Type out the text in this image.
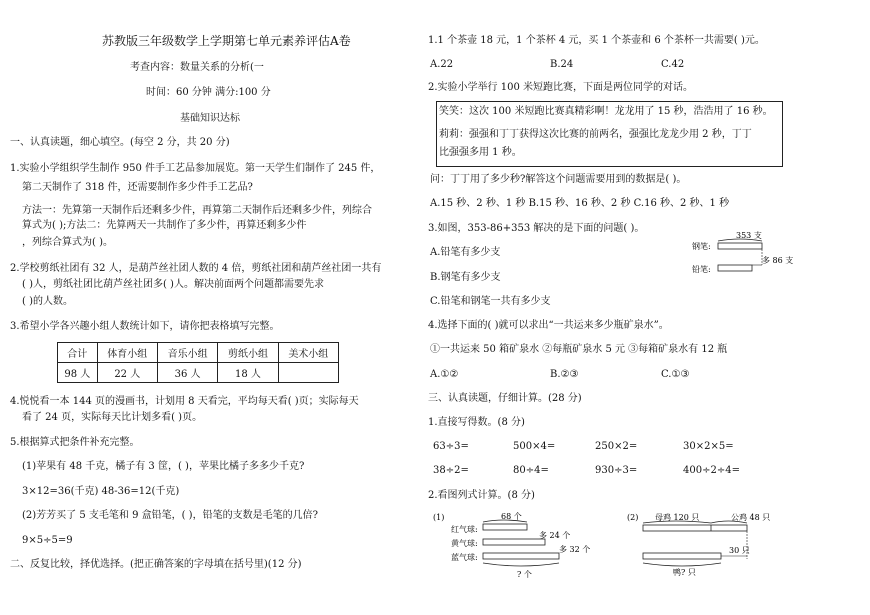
苏教版三年级数学上学期第七单元素养评估A卷
考查内容：数量关系的分析(一
时间：60 分钟 满分:100 分
基础知识达标
一、认真读题，细心填空。(每空 2 分，共 20 分)
1.实验小学组织学生制作 950 件手工艺品参加展览。第一天学生们制作了 245 件，
第二天制作了 318 件，还需要制作多少件手工艺品?
方法一：先算第一天制作后还剩多少件，再算第二天制作后还剩多少件，列综合
算式为( );方法二：先算两天一共制作了多少件，再算还剩多少件
，列综合算式为( )。
2.学校剪纸社团有 32 人，是葫芦丝社团人数的 4 倍，剪纸社团和葫芦丝社团一共有
( )人，剪纸社团比葫芦丝社团多( )人。解决前面两个问题都需要先求
( )的人数。
3.希望小学各兴趣小组人数统计如下，请你把表格填写完整。
合计	体育小组	音乐小组	剪纸小组	美术小组
98 人	22 人	36 人	18 人	
4.悦悦看一本 144 页的漫画书，计划用 8 天看完，平均每天看( )页；实际每天
看了 24 页，实际每天比计划多看( )页。
5.根据算式把条件补充完整。
(1)苹果有 48 千克，橘子有 3 筐，( )，苹果比橘子多多少千克?
3×12=36(千克) 48-36=12(千克)
(2)芳芳买了 5 支毛笔和 9 盒铅笔，( )，铅笔的支数是毛笔的几倍?
9×5÷5=9
二、反复比较，择优选择。(把正确答案的字母填在括号里)(12 分)
1.1 个茶壶 18 元，1 个茶杯 4 元，买 1 个茶壶和 6 个茶杯一共需要( )元。
A.22	B.24	C.42
2.实验小学举行 100 米短跑比赛，下面是两位同学的对话。
笑笑：这次 100 米短跑比赛真精彩啊！龙龙用了 15 秒，浩浩用了 16 秒。
莉莉：强强和丁丁获得这次比赛的前两名，强强比龙龙少用 2 秒，丁丁
比强强多用 1 秒。
问：丁丁用了多少秒?解答这个问题需要用到的数据是( )。
A.15 秒、2 秒、1 秒 B.15 秒、16 秒、2 秒 C.16 秒、2 秒、1 秒
3.如图，353-86+353 解决的是下面的问题( )。
A.铅笔有多少支
B.钢笔有多少支
C.铅笔和钢笔一共有多少支
钢笔:
铅笔:
353 支
多 86 支
4.选择下面的( )就可以求出“一共运来多少瓶矿泉水”。
①一共运来 50 箱矿泉水 ②每瓶矿泉水 5 元 ③每箱矿泉水有 12 瓶
A.①②	B.②③	C.①③
三、认真读题，仔细计算。(28 分)
1.直接写得数。(8 分)
63÷3=	500×4=	250×2=	30×2×5=
38÷2=	80÷4=	930÷3=	400÷2÷4=
2.看图列式计算。(8 分)
(1)
红气球:
黄气球:
蓝气球:
68 个
多 24 个
多 32 个
? 个
(2) 母鸡 120 只	公鸡 48 只
30 只
鸭? 只
